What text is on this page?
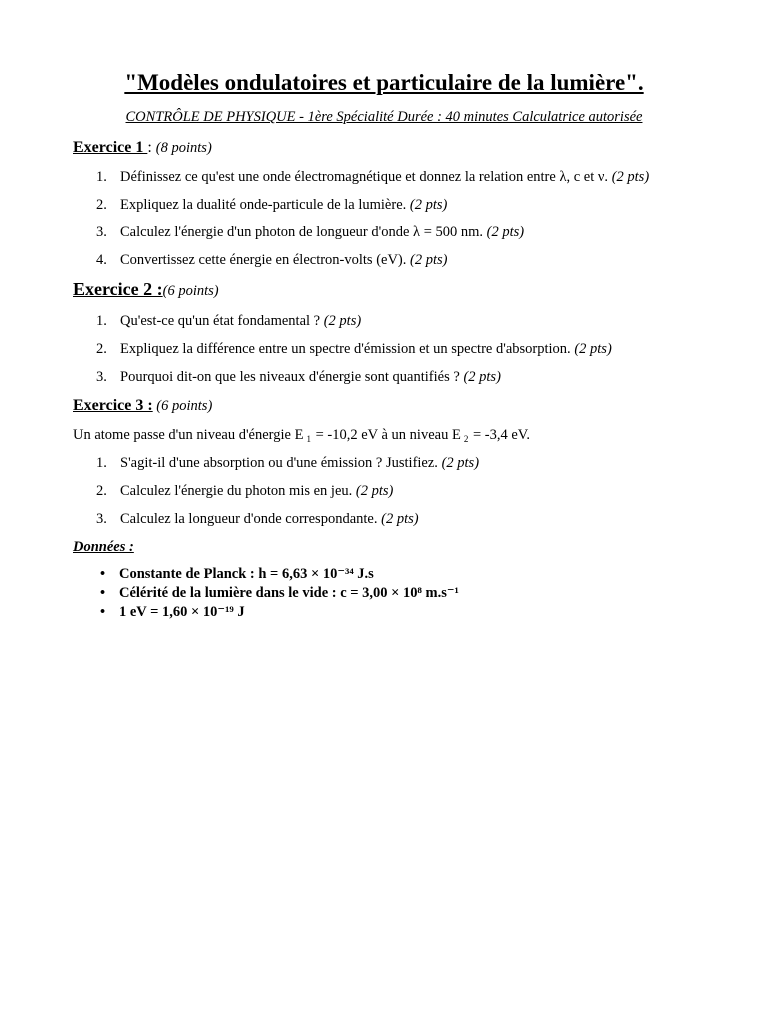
"Modèles ondulatoires et particulaire de la lumière".
CONTRÔLE DE PHYSIQUE - 1ère Spécialité Durée : 40 minutes Calculatrice autorisée
Exercice 1 : (8 points)
1. Définissez ce qu'est une onde électromagnétique et donnez la relation entre λ, c et ν. (2 pts)
2. Expliquez la dualité onde-particule de la lumière. (2 pts)
3. Calculez l'énergie d'un photon de longueur d'onde λ = 500 nm. (2 pts)
4. Convertissez cette énergie en électron-volts (eV). (2 pts)
Exercice 2 :(6 points)
1. Qu'est-ce qu'un état fondamental ? (2 pts)
2. Expliquez la différence entre un spectre d'émission et un spectre d'absorption. (2 pts)
3. Pourquoi dit-on que les niveaux d'énergie sont quantifiés ? (2 pts)
Exercice 3 : (6 points)
Un atome passe d'un niveau d'énergie E $_1$ = -10,2 eV à un niveau E $_2$ = -3,4 eV.
1. S'agit-il d'une absorption ou d'une émission ? Justifiez. (2 pts)
2. Calculez l'énergie du photon mis en jeu. (2 pts)
3. Calculez la longueur d'onde correspondante. (2 pts)
Données :
• Constante de Planck : h = 6,63 × 10⁻³⁴ J.s
• Célérité de la lumière dans le vide : c = 3,00 × 10⁸ m.s⁻¹
• 1 eV = 1,60 × 10⁻¹⁹ J
